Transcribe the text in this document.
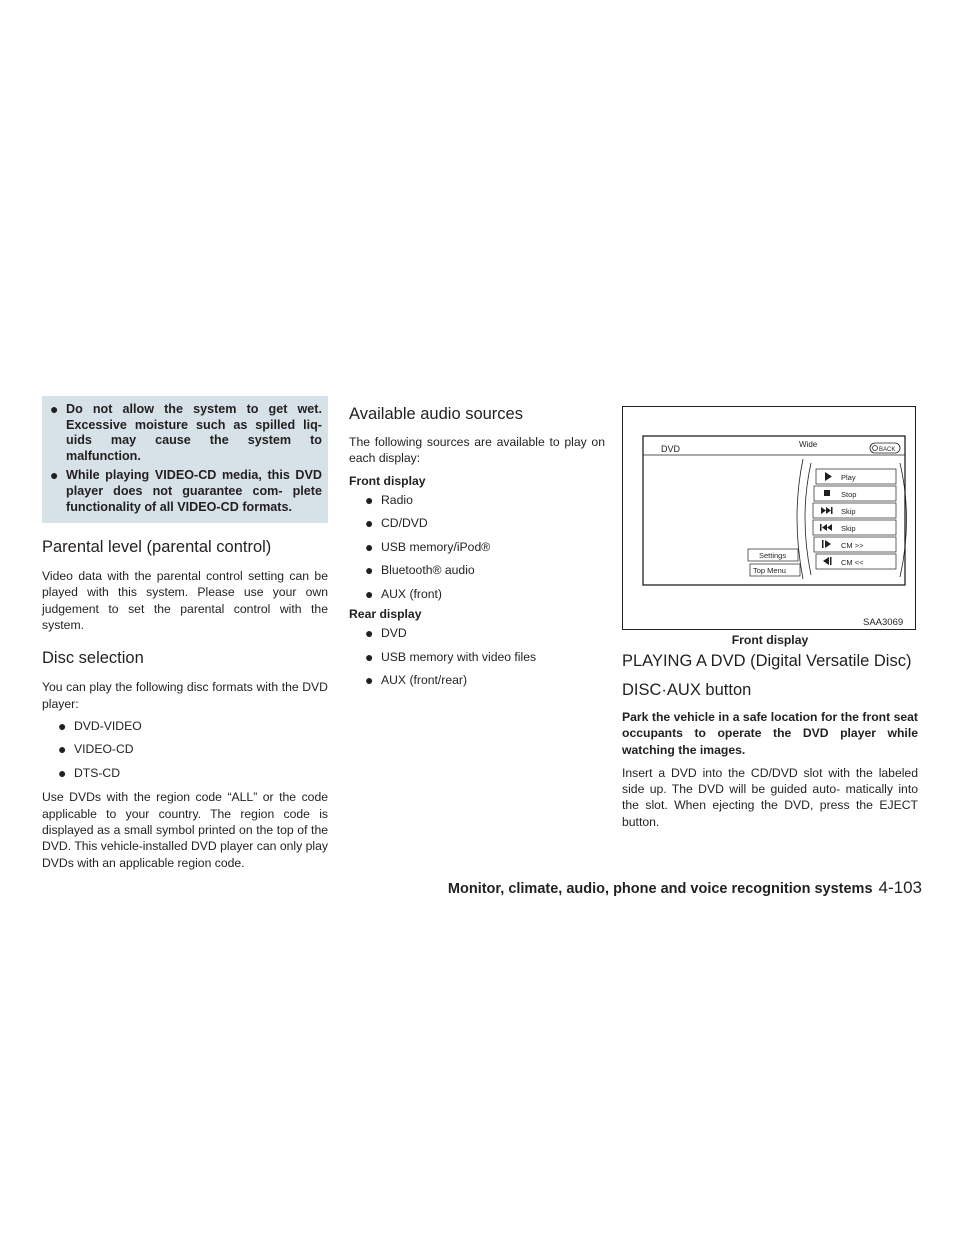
● Do not allow the system to get wet. Excessive moisture such as spilled liq- uids may cause the system to malfunction.
● While playing VIDEO-CD media, this DVD player does not guarantee com- plete functionality of all VIDEO-CD formats.
Parental level (parental control)

Video data with the parental control setting can be played with this system. Please use your own judgement to set the parental control with the system.

Disc selection

You can play the following disc formats with the DVD player:

● DVD-VIDEO
● VIDEO-CD
● DTS-CD

Use DVDs with the region code “ALL” or the code applicable to your country. The region code is displayed as a small symbol printed on the top of the DVD. This vehicle-installed DVD player can only play DVDs with an applicable region code.

Available audio sources

The following sources are available to play on each display:

Front display
● Radio
● CD/DVD
● USB memory/iPod®
● Bluetooth® audio
● AUX (front)
Rear display
● DVD
● USB memory with video files
● AUX (front/rear)
DVD	Wide
BACK
Play
Stop
Skip
Skip
CM >>
CM <<
Settings
Top Menu
SAA3069
Front display
PLAYING A DVD (Digital Versatile Disc)
DISC·AUX button

Park the vehicle in a safe location for the front seat occupants to operate the DVD player while watching the images.

Insert a DVD into the CD/DVD slot with the labeled side up. The DVD will be guided auto- matically into the slot. When ejecting the DVD, press the EJECT button.

Monitor, climate, audio, phone and voice recognition systems 4-103
